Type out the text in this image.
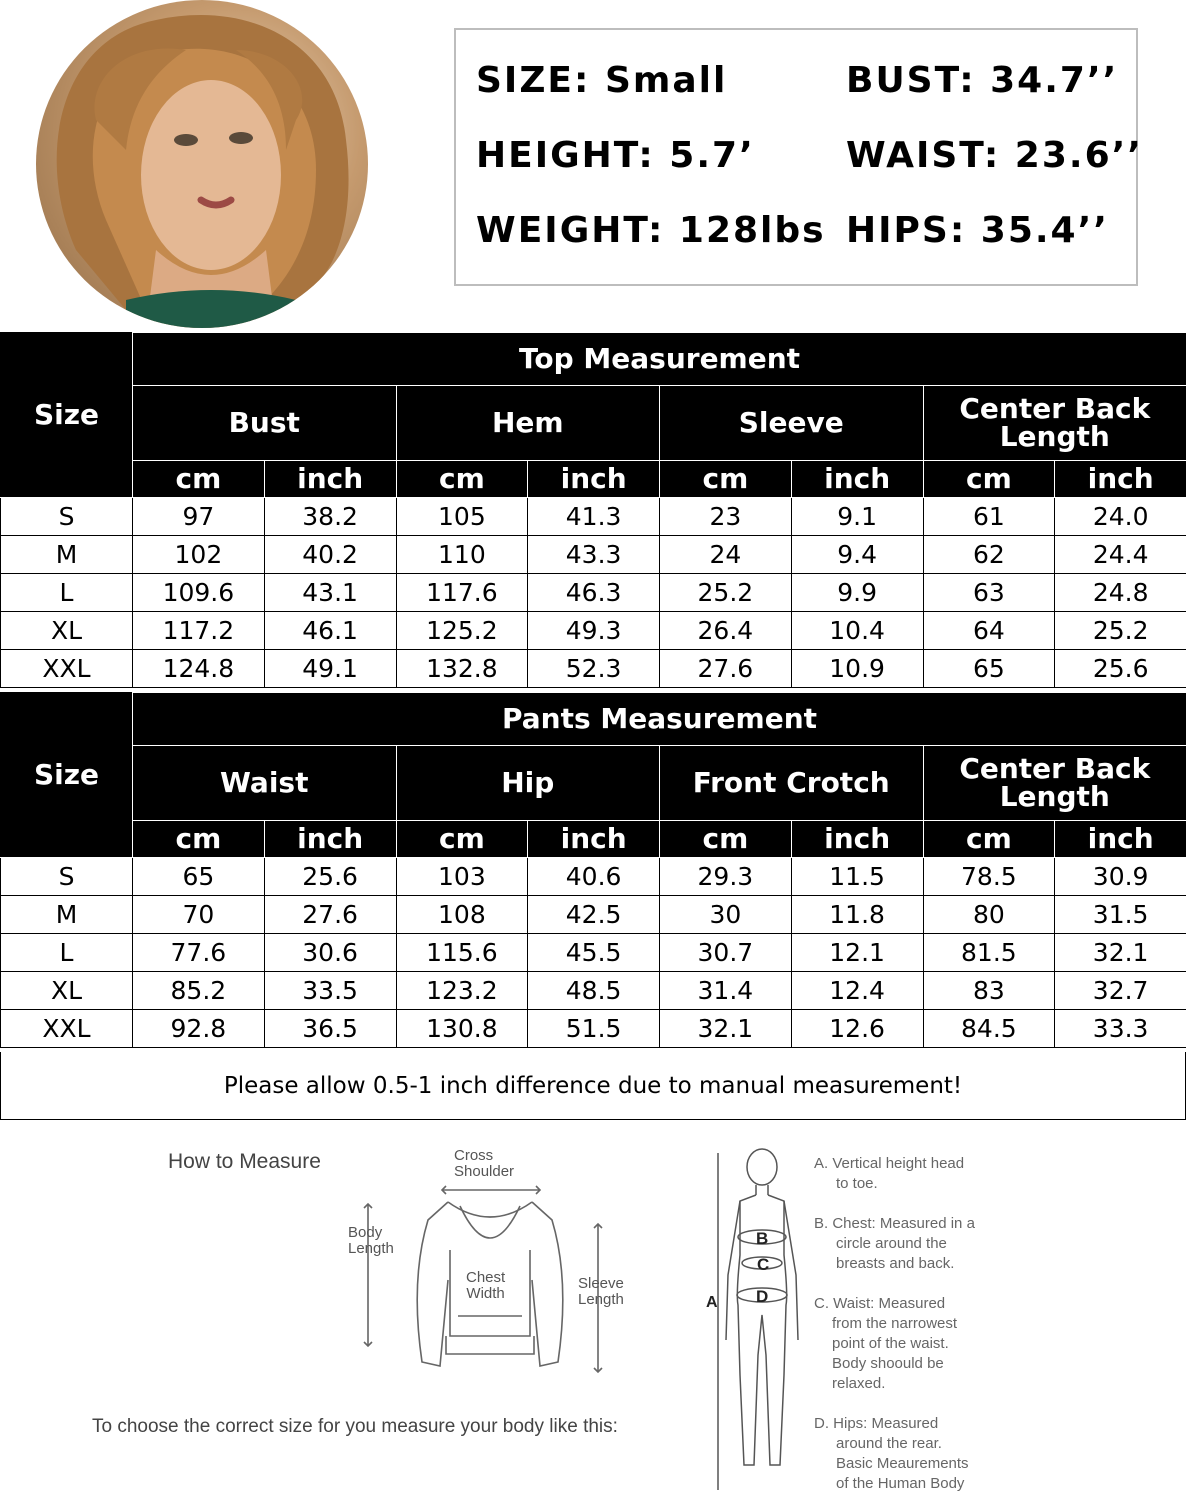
SIZE: Small
HEIGHT: 5.7’
WEIGHT: 128lbs
BUST: 34.7’’
WAIST: 23.6’’
HIPS: 35.4’’
Size	Top Measurement							
	Bust		Hem		Sleeve		Center Back Length	
	cm	inch	cm	inch	cm	inch	cm	inch
S	97	38.2	105	41.3	23	9.1	61	24.0
M	102	40.2	110	43.3	24	9.4	62	24.4
L	109.6	43.1	117.6	46.3	25.2	9.9	63	24.8
XL	117.2	46.1	125.2	49.3	26.4	10.4	64	25.2
XXL	124.8	49.1	132.8	52.3	27.6	10.9	65	25.6
Size	Pants Measurement							
	Waist		Hip		Front Crotch		Center Back Length	
	cm	inch	cm	inch	cm	inch	cm	inch
S	65	25.6	103	40.6	29.3	11.5	78.5	30.9
M	70	27.6	108	42.5	30	11.8	80	31.5
L	77.6	30.6	115.6	45.5	30.7	12.1	81.5	32.1
XL	85.2	33.5	123.2	48.5	31.4	12.4	83	32.7
XXL	92.8	36.5	130.8	51.5	32.1	12.6	84.5	33.3
Please allow 0.5-1 inch difference due to manual measurement!
How to Measure	Cross
Shoulder
Body
Length
Chest
Width
Sleeve
Length
To choose the correct size for you measure your body like this:
B
C
D
A
A. Vertical height head
to toe.
B. Chest: Measured in a
circle around the
breasts and back.
C. Waist: Measured
from the narrowest
point of the waist.
Body shoould be
relaxed.
D. Hips: Measured
around the rear.
Basic Meaurements
of the Human Body
